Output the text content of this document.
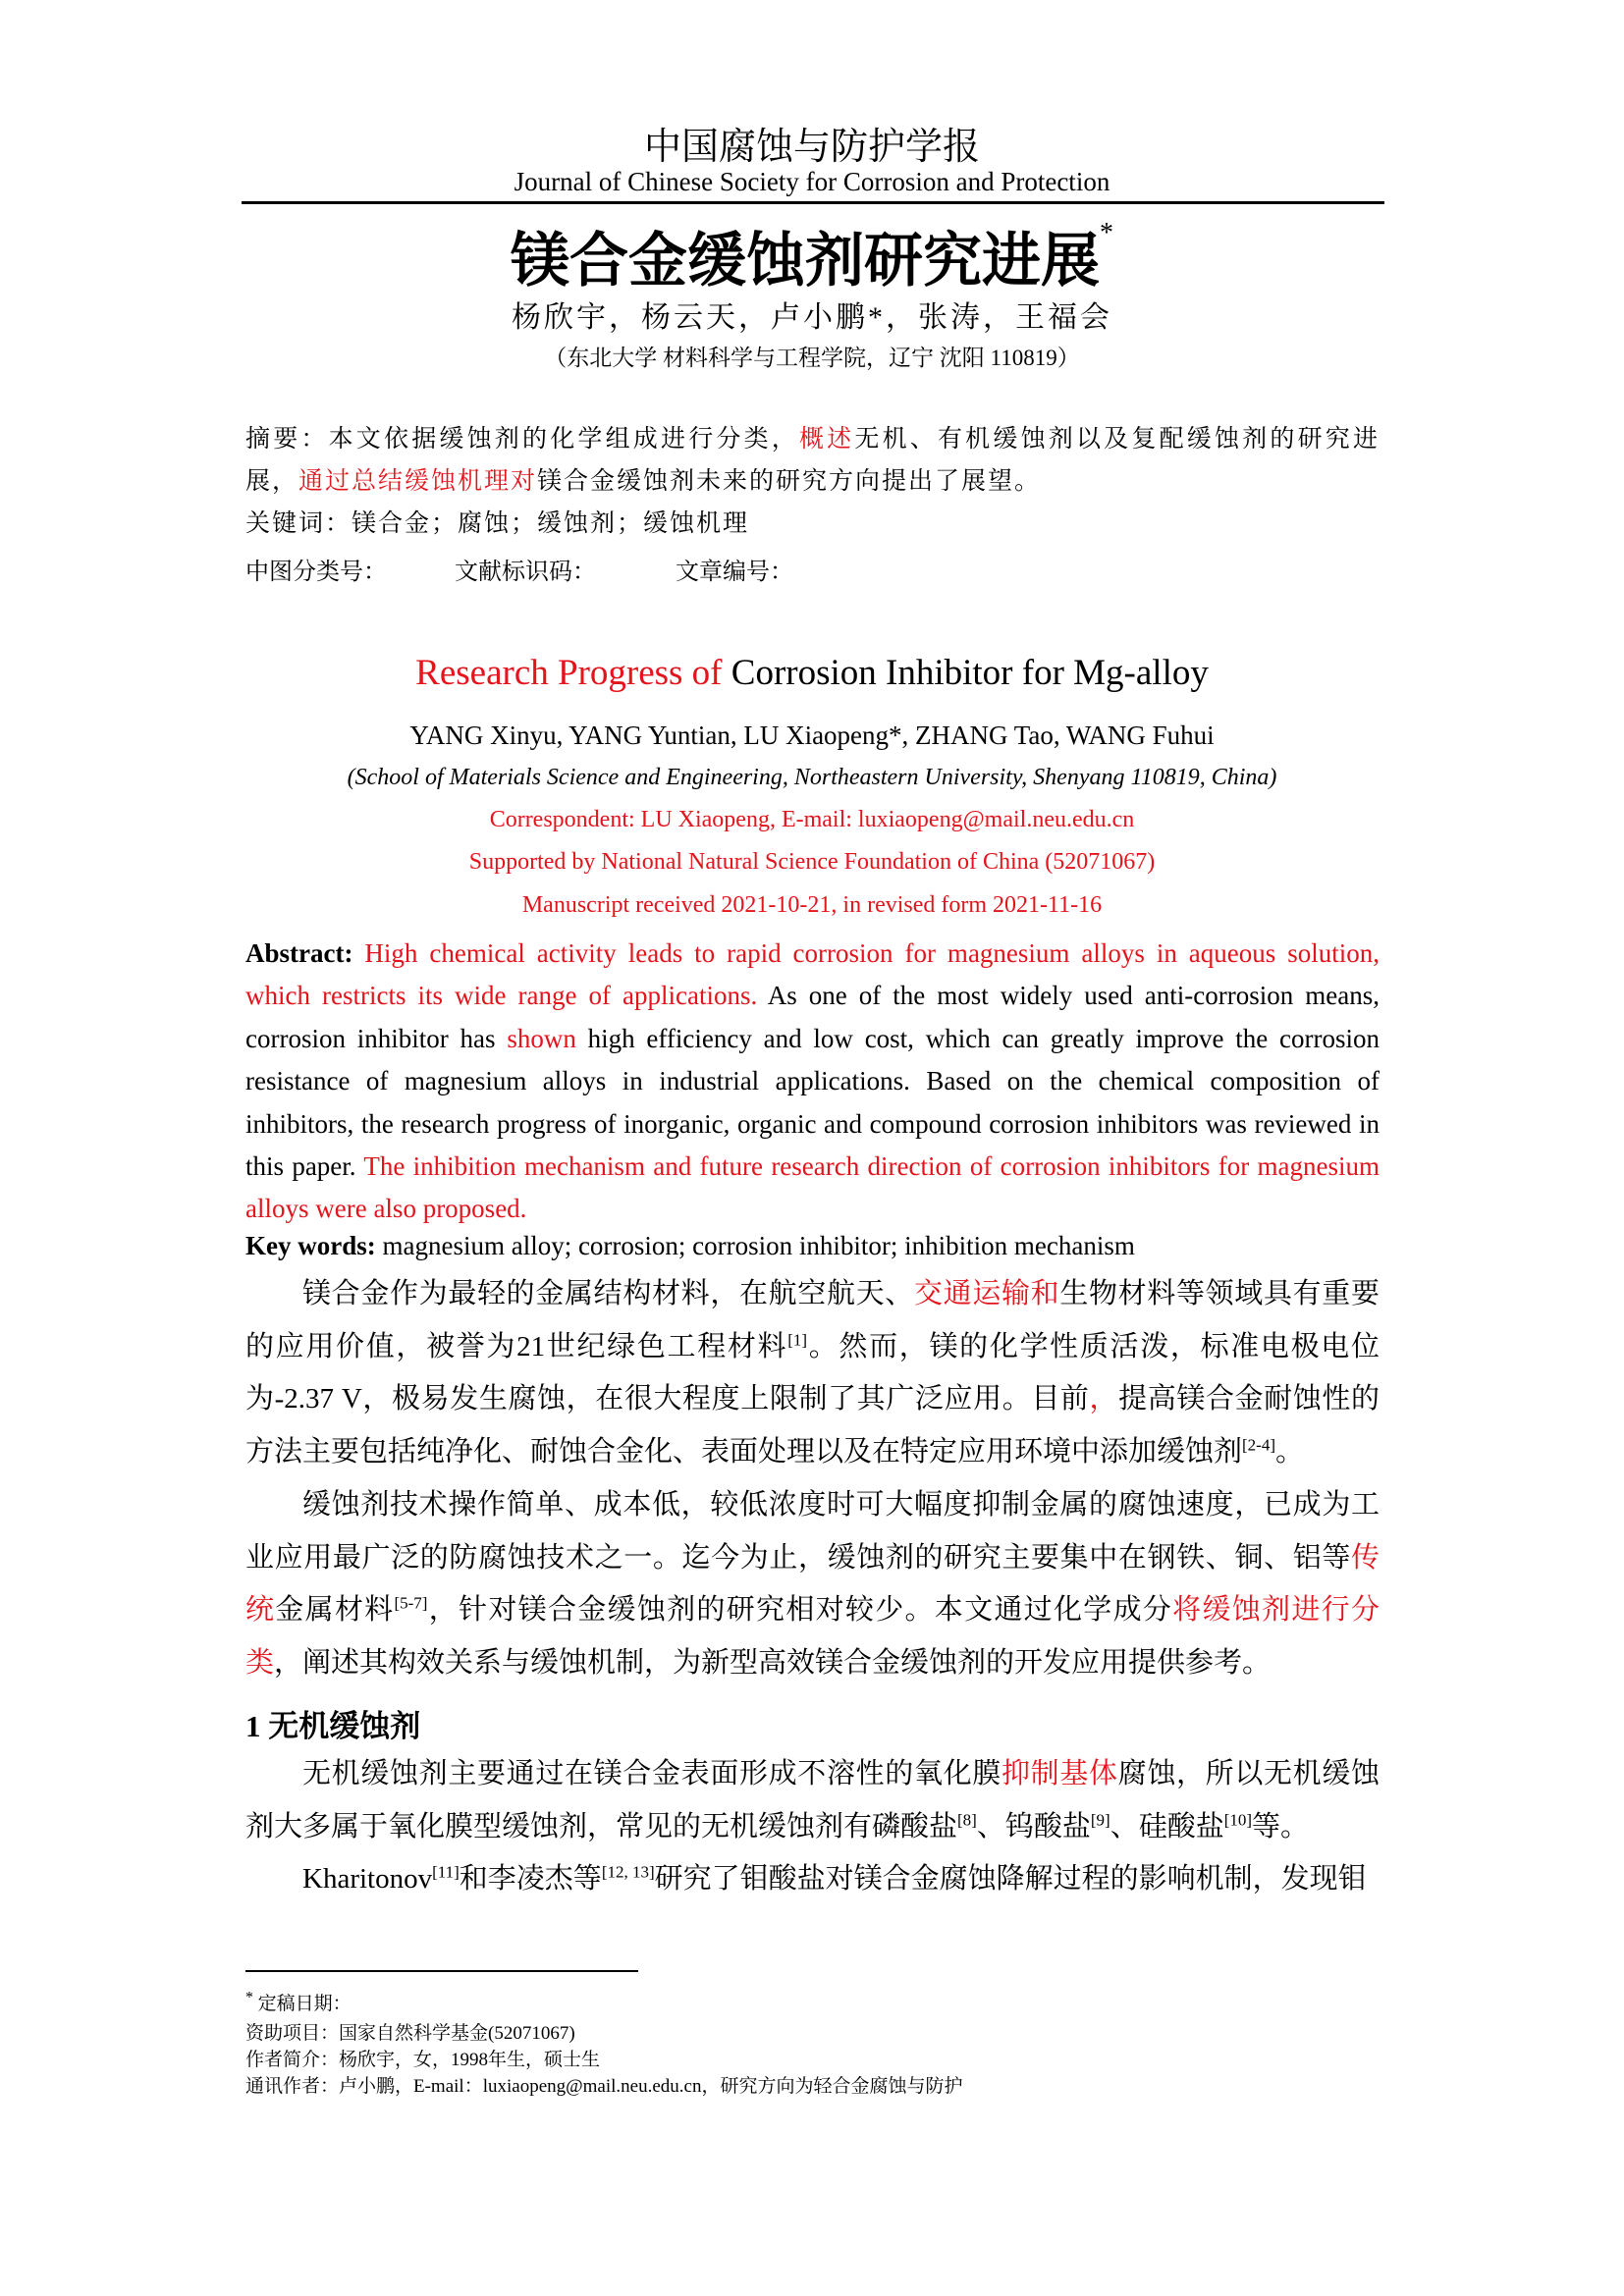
中国腐蚀与防护学报
Journal of Chinese Society for Corrosion and Protection
镁合金缓蚀剂研究进展*
杨欣宇，杨云天，卢小鹏*，张涛，王福会
（东北大学 材料科学与工程学院，辽宁 沈阳 110819）
摘要：本文依据缓蚀剂的化学组成进行分类，概述无机、有机缓蚀剂以及复配缓蚀剂的研究进展，通过总结缓蚀机理对镁合金缓蚀剂未来的研究方向提出了展望。
关键词：镁合金；腐蚀；缓蚀剂；缓蚀机理
中图分类号：	文献标识码：	文章编号：
Research Progress of Corrosion Inhibitor for Mg-alloy
YANG Xinyu, YANG Yuntian, LU Xiaopeng*, ZHANG Tao, WANG Fuhui
(School of Materials Science and Engineering, Northeastern University, Shenyang 110819, China)
Correspondent: LU Xiaopeng, E-mail: luxiaopeng@mail.neu.edu.cn
Supported by National Natural Science Foundation of China (52071067)
Manuscript received 2021-10-21, in revised form 2021-11-16
Abstract: High chemical activity leads to rapid corrosion for magnesium alloys in aqueous solution, which restricts its wide range of applications. As one of the most widely used anti-corrosion means, corrosion inhibitor has shown high efficiency and low cost, which can greatly improve the corrosion resistance of magnesium alloys in industrial applications. Based on the chemical composition of inhibitors, the research progress of inorganic, organic and compound corrosion inhibitors was reviewed in this paper. The inhibition mechanism and future research direction of corrosion inhibitors for magnesium alloys were also proposed.
Key words: magnesium alloy; corrosion; corrosion inhibitor; inhibition mechanism

镁合金作为最轻的金属结构材料，在航空航天、交通运输和生物材料等领域具有重要的应用价值，被誉为21世纪绿色工程材料[1]。然而，镁的化学性质活泼，标准电极电位为-2.37 V，极易发生腐蚀，在很大程度上限制了其广泛应用。目前，提高镁合金耐蚀性的方法主要包括纯净化、耐蚀合金化、表面处理以及在特定应用环境中添加缓蚀剂[2-4]。

缓蚀剂技术操作简单、成本低，较低浓度时可大幅度抑制金属的腐蚀速度，已成为工业应用最广泛的防腐蚀技术之一。迄今为止，缓蚀剂的研究主要集中在钢铁、铜、铝等传统金属材料[5-7]，针对镁合金缓蚀剂的研究相对较少。本文通过化学成分将缓蚀剂进行分类，阐述其构效关系与缓蚀机制，为新型高效镁合金缓蚀剂的开发应用提供参考。

1 无机缓蚀剂

无机缓蚀剂主要通过在镁合金表面形成不溶性的氧化膜抑制基体腐蚀，所以无机缓蚀剂大多属于氧化膜型缓蚀剂，常见的无机缓蚀剂有磷酸盐[8]、钨酸盐[9]、硅酸盐[10]等。

Kharitonov[11]和李凌杰等[12, 13]研究了钼酸盐对镁合金腐蚀降解过程的影响机制，发现钼

* 定稿日期：
资助项目：国家自然科学基金(52071067)
作者简介：杨欣宇，女，1998年生，硕士生
通讯作者：卢小鹏，E-mail：luxiaopeng@mail.neu.edu.cn，研究方向为轻合金腐蚀与防护
